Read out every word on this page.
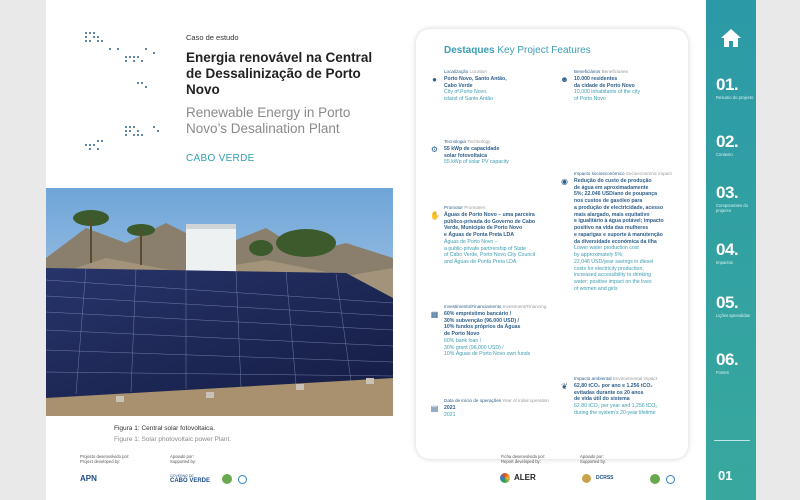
Caso de estudo
Energia renovável na Central de Dessalinização de Porto Novo
Renewable Energy in Porto Novo’s Desalination Plant
CABO VERDE
Figura 1: Central solar fotovoltaica.
Figure 1: Solar photovoltaic power Plant.
Destaques Key Project Features
●
Localização Location
Porto Novo, Santo Antão,
Cabo Verde
City of Porto Novo,
island of Santo Antão
☻
Beneficiários Beneficiaries
10.000 residentes
da cidade de Porto Novo
10,000 inhabitants of the city
of Porto Novo
⚙
Tecnologia Technology
55 kWp de capacidade
solar fotovoltaica
55 kWp of solar PV capacity
◉
Impacto socioeconómico Socioeconomic impact
Redução do custo de produção
de água em aproximadamente
5%; 22.046 USD/ano de poupança
nos custos de gasóleo para
a produção de electricidade, acesso
mais alargado, mais equitativo
e igualitário à água potável; impacto
positivo na vida das mulheres
e raparigas e suporte à manutenção
da diversidade económica da ilha
Lower water production cost
by approximately 5%;
22,046 USD/year savings in diesel
costs for electricity production,
increased accessibility to drinking
water; positive impact on the lives
of women and girls
✋
Promotor Promoters
Águas de Porto Novo – uma parceira
público-privada do Governo de Cabo
Verde, Município de Porto Novo
e Águas de Ponta Preta LDA
Águas de Porto Novo –
a public-private partnership of State
of Cabo Verde, Porto Novo City Council
and Águas de Ponta Preta LDA
▦
Investimento/Financiamento Investment/Financing
60% empréstimo bancário /
30% subvenção (96.000 USD) /
10% fundos próprios da Águas
de Porto Novo
60% bank loan /
30% grant (96,000 USD) /
10% Águas de Porto Novo own funds
❦
Impacto ambiental Environmental impact
62,80 tCO₂ por ano e 1.256 tCO₂
evitadas durante os 20 anos
de vida útil do sistema
62.80 tCO₂ per year and 1,256 tCO₂
during the system’s 20-year lifetime
▤
Data de início de operações Year of initial operation
2021
2021
Projecto desenvolvido por:
Project developed by:
APN
Apoiado por:
Supported by:
GOVERNO DE
CABO VERDE
Ficha desenvolvida por:
Report developed by:
ALER
Apoiado por:
Supported by:
DCRSS
01.
Resumo do projecto
02.
Contexto
03.
Componentes do projecto
04.
Impactos
05.
Lições aprendidas
06.
Fontes
01
